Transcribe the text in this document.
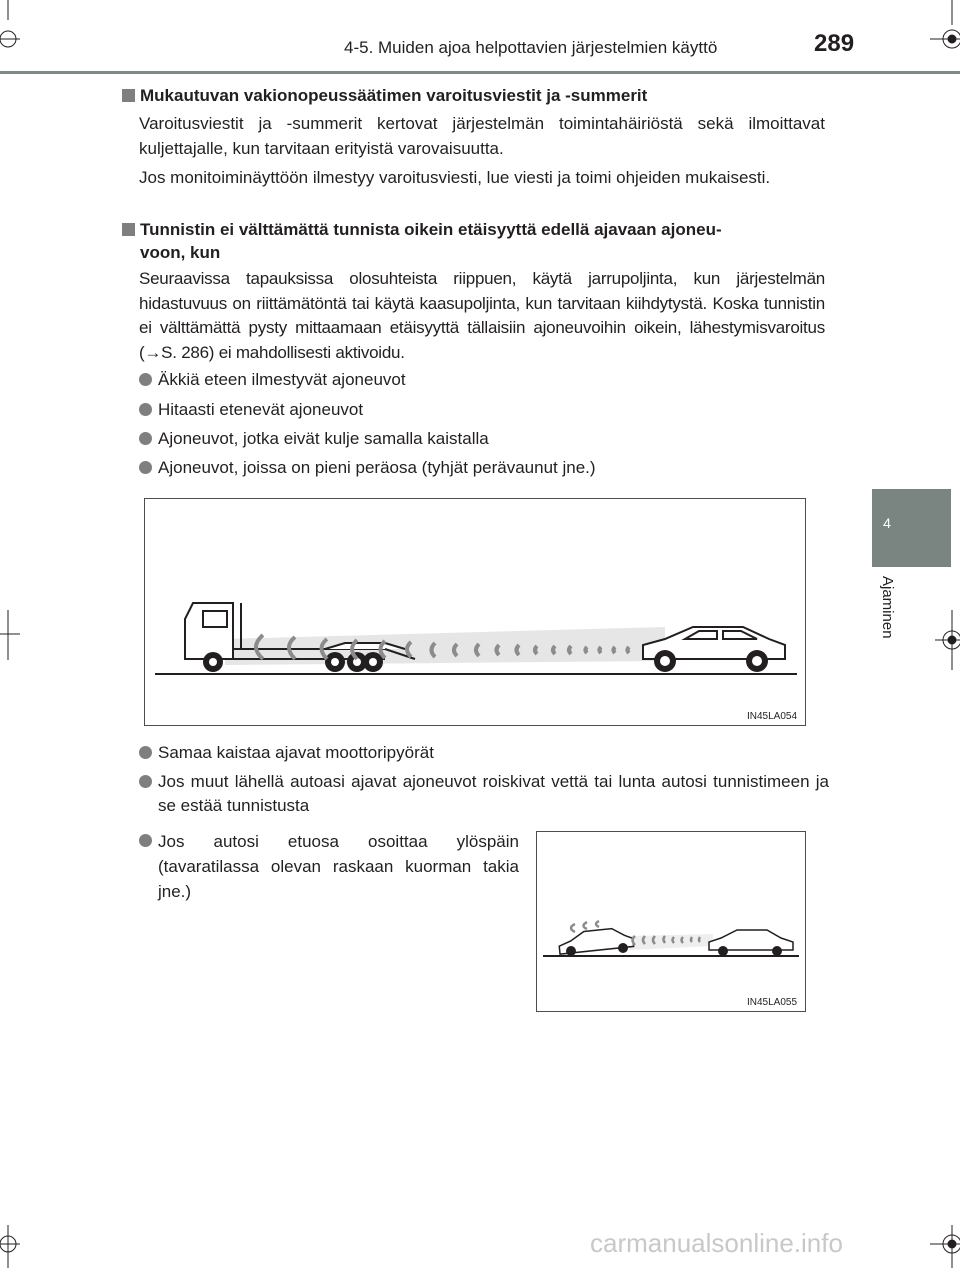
4-5. Muiden ajoa helpottavien järjestelmien käyttö	289
4
Ajaminen
Mukautuvan vakionopeussäätimen varoitusviestit ja -summerit
Varoitusviestit ja -summerit kertovat järjestelmän toimintahäiriöstä sekä ilmoittavat kuljettajalle, kun tarvitaan erityistä varovaisuutta.
Jos monitoiminäyttöön ilmestyy varoitusviesti, lue viesti ja toimi ohjeiden mukaisesti.
Tunnistin ei välttämättä tunnista oikein etäisyyttä edellä ajavaan ajoneu-
voon, kun
Seuraavissa tapauksissa olosuhteista riippuen, käytä jarrupoljinta, kun järjestelmän hidastuvuus on riittämätöntä tai käytä kaasupoljinta, kun tarvitaan kiihdytystä. Koska tunnistin ei välttämättä pysty mittaamaan etäisyyttä tällaisiin ajoneuvoihin oikein, lähestymisvaroitus (→S. 286) ei mahdollisesti aktivoidu.
Äkkiä eteen ilmestyvät ajoneuvot
Hitaasti etenevät ajoneuvot
Ajoneuvot, jotka eivät kulje samalla kaistalla
Ajoneuvot, joissa on pieni peräosa (tyhjät perävaunut jne.)
IN45LA054
Samaa kaistaa ajavat moottoripyörät
Jos muut lähellä autoasi ajavat ajoneuvot roiskivat vettä tai lunta autosi tunnistimeen ja se estää tunnistusta
Jos autosi etuosa osoittaa ylöspäin (tavaratilassa olevan raskaan kuorman takia jne.)
IN45LA055
carmanualsonline.info
